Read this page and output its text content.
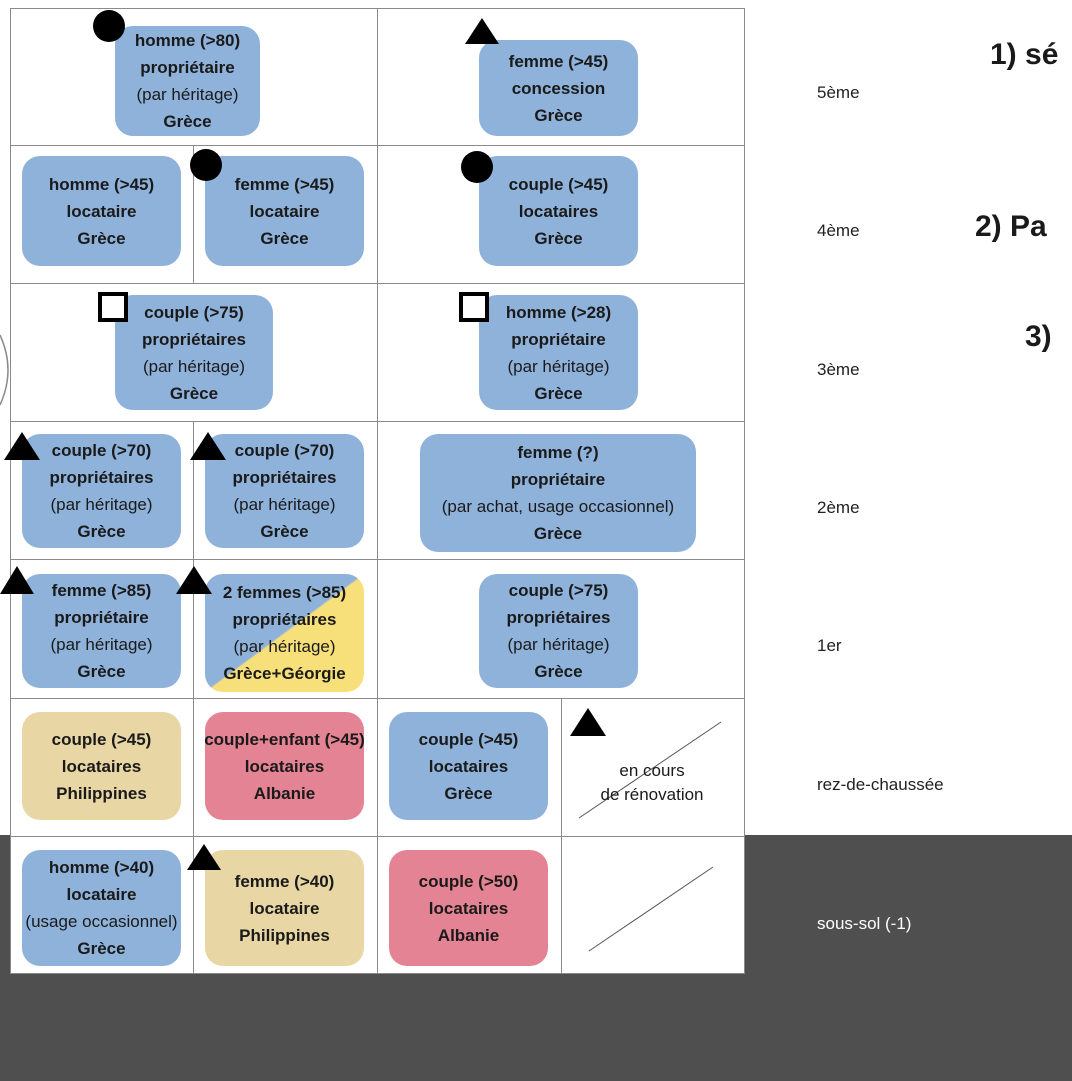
homme (>80)
propriétaire
(par héritage)
Grèce
femme (>45)
concession
Grèce
homme (>45)
locataire
Grèce
femme (>45)
locataire
Grèce
couple (>45)
locataires
Grèce
couple (>75)
propriétaires
(par héritage)
Grèce
homme (>28)
propriétaire
(par héritage)
Grèce
couple (>70)
propriétaires
(par héritage)
Grèce
couple (>70)
propriétaires
(par héritage)
Grèce
femme (?)
propriétaire
(par achat, usage occasionnel)
Grèce
femme (>85)
propriétaire
(par héritage)
Grèce
2 femmes (>85)
propriétaires
(par héritage)
Grèce+Géorgie
couple (>75)
propriétaires
(par héritage)
Grèce
couple (>45)
locataires
Philippines
couple+enfant (>45)
locataires
Albanie
couple (>45)
locataires
Grèce
en cours
de rénovation
homme (>40)
locataire
(usage occasionnel)
Grèce
femme (>40)
locataire
Philippines
couple (>50)
locataires
Albanie
5ème
4ème
3ème
2ème
1er
rez-de-chaussée
sous-sol (-1)
1) sé
2) Pa
3)
